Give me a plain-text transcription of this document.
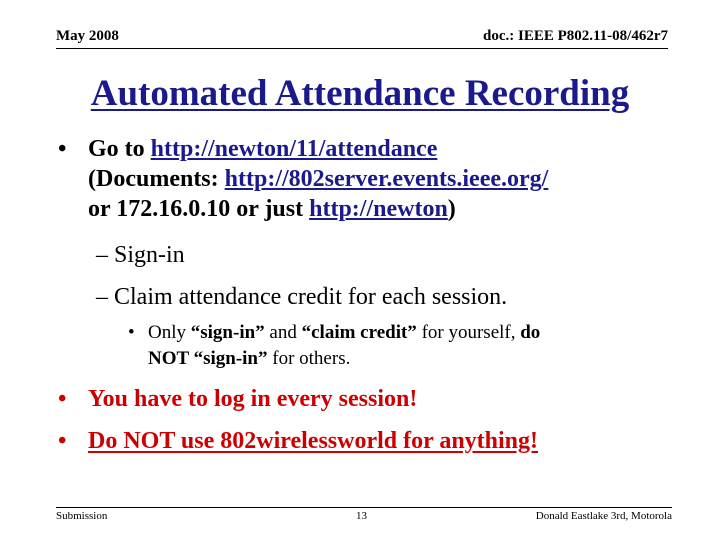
May 2008	doc.: IEEE P802.11-08/462r7
Automated Attendance Recording
• Go to http://newton/11/attendance
(Documents: http://802server.events.ieee.org/
or 172.16.0.10 or just http://newton)
– Sign-in
– Claim attendance credit for each session.
• Only “sign-in” and “claim credit” for yourself, do
NOT “sign-in” for others.
• You have to log in every session!
• Do NOT use 802wirelessworld for anything!
Submission	13	Donald Eastlake 3rd, Motorola
